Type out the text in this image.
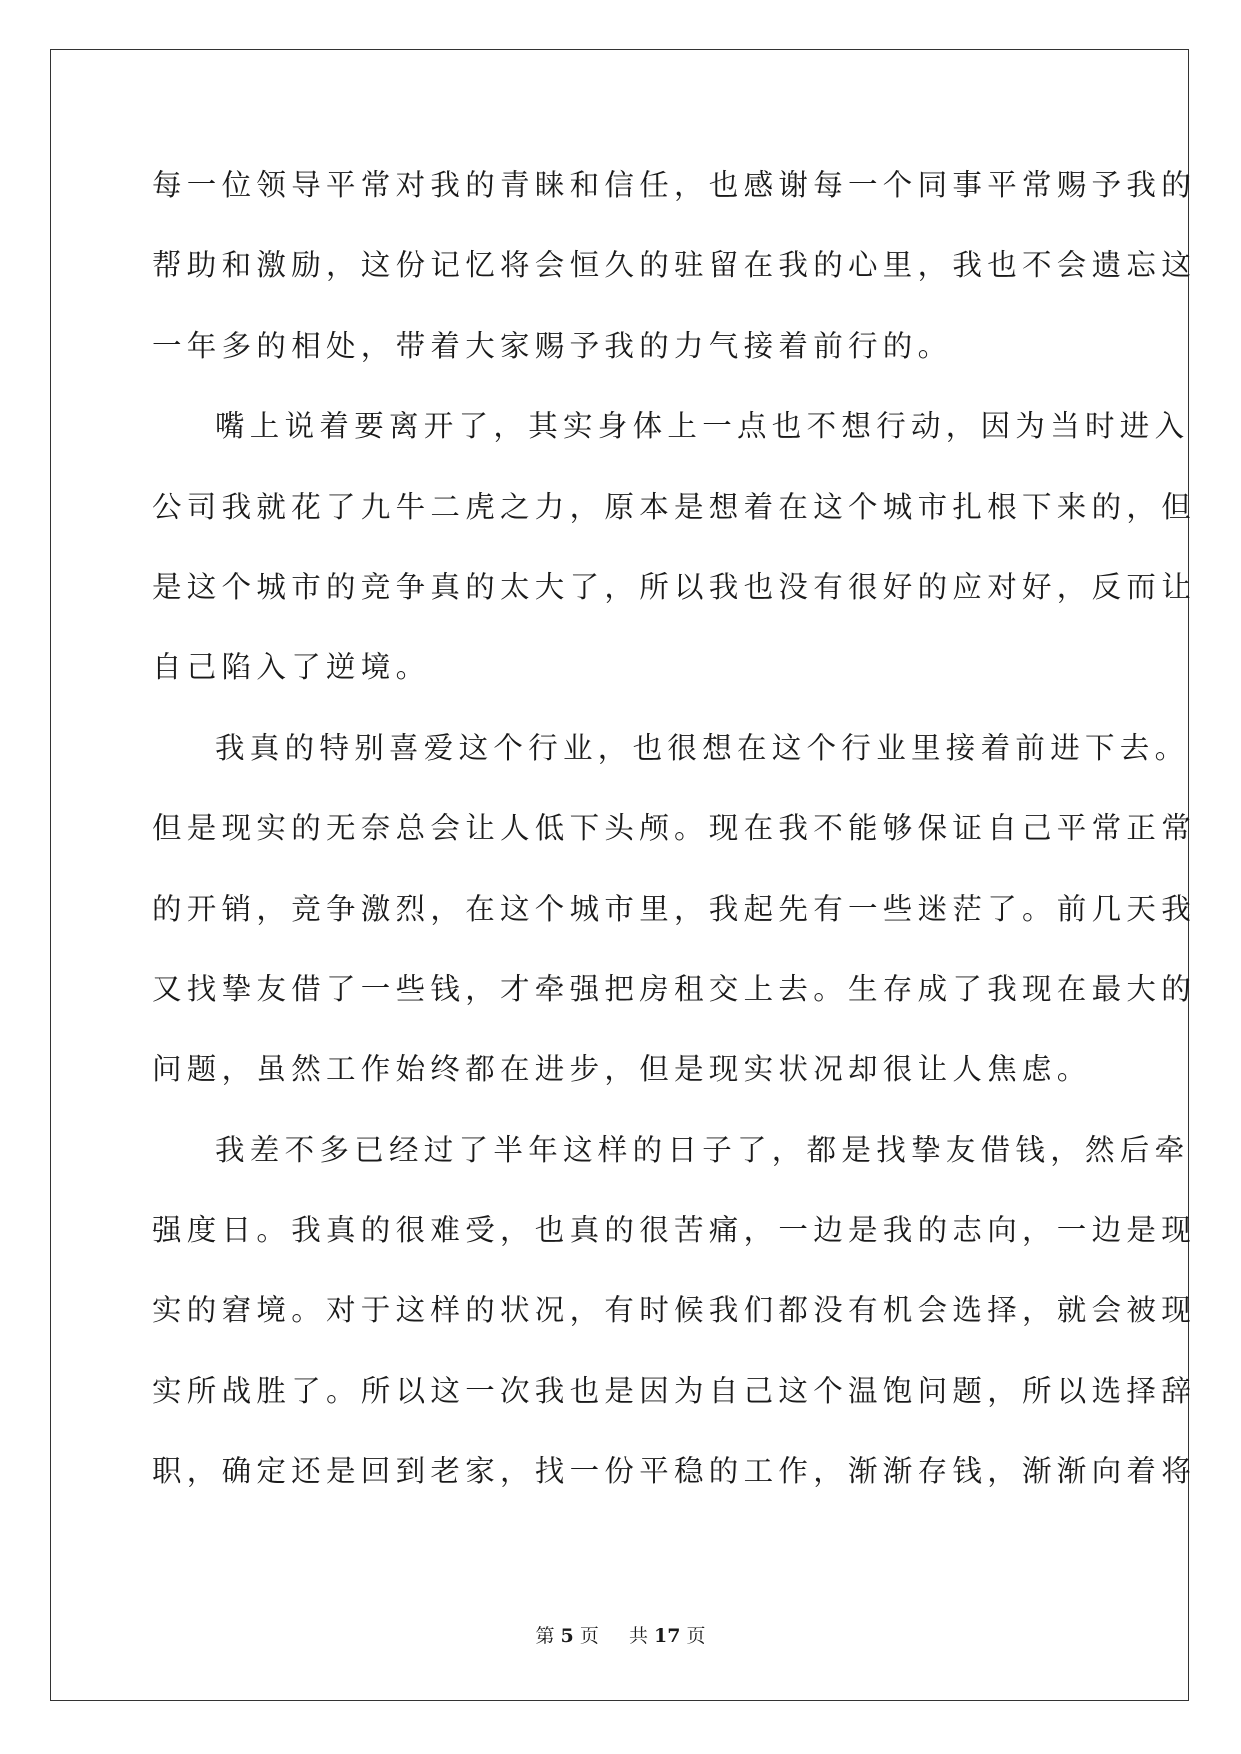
每一位领导平常对我的青睐和信任，也感谢每一个同事平常赐予我的
帮助和激励，这份记忆将会恒久的驻留在我的心里，我也不会遗忘这
一年多的相处，带着大家赐予我的力气接着前行的。
嘴上说着要离开了，其实身体上一点也不想行动，因为当时进入
公司我就花了九牛二虎之力，原本是想着在这个城市扎根下来的，但
是这个城市的竞争真的太大了，所以我也没有很好的应对好，反而让
自己陷入了逆境。
我真的特别喜爱这个行业，也很想在这个行业里接着前进下去。
但是现实的无奈总会让人低下头颅。现在我不能够保证自己平常正常
的开销，竞争激烈，在这个城市里，我起先有一些迷茫了。前几天我
又找挚友借了一些钱，才牵强把房租交上去。生存成了我现在最大的
问题，虽然工作始终都在进步，但是现实状况却很让人焦虑。
我差不多已经过了半年这样的日子了，都是找挚友借钱，然后牵
强度日。我真的很难受，也真的很苦痛，一边是我的志向，一边是现
实的窘境。对于这样的状况，有时候我们都没有机会选择，就会被现
实所战胜了。所以这一次我也是因为自己这个温饱问题，所以选择辞
职，确定还是回到老家，找一份平稳的工作，渐渐存钱，渐渐向着将
第 5 页 共 17 页
